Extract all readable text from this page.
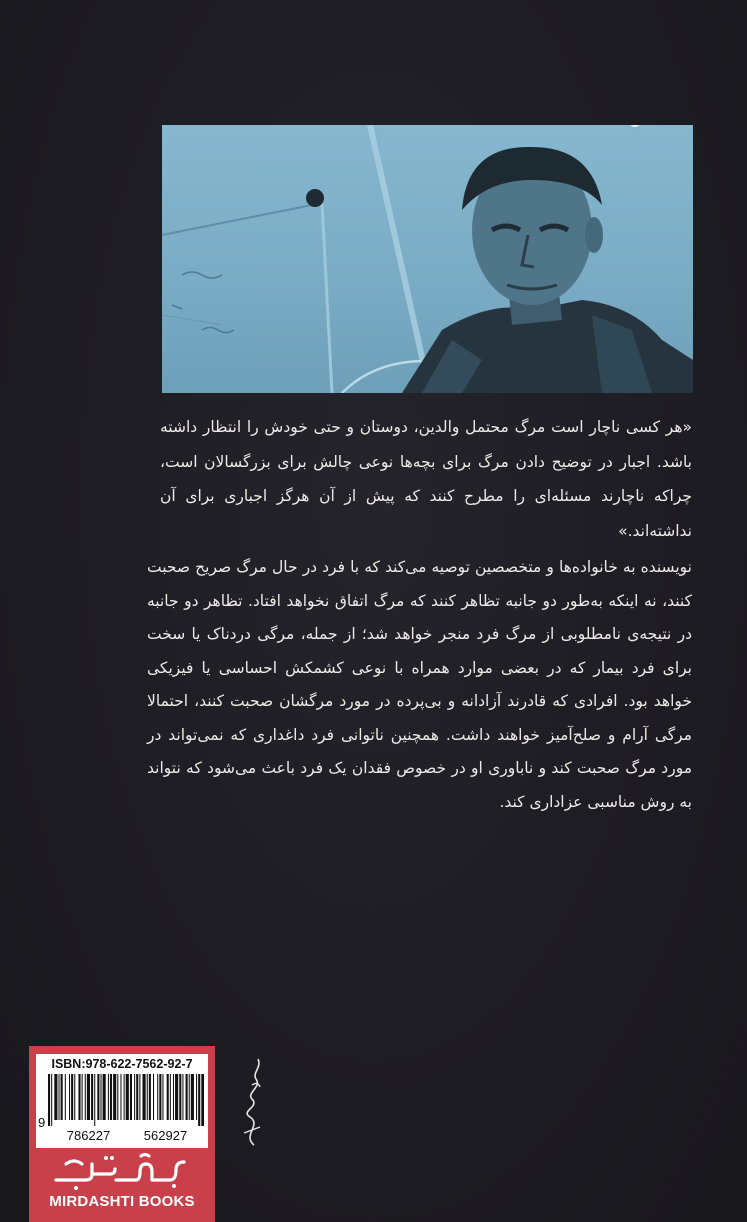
«هر کسی ناچار است مرگ محتمل والدین، دوستان و حتی خودش را انتظار داشته باشد. اجبار در توضیح دادن مرگ برای بچه‌ها نوعی چالش برای بزرگسالان است، چراکه ناچارند مسئله‌ای را مطرح کنند که پیش از آن هرگز اجباری برای آن نداشته‌اند.»
نویسنده به خانواده‌ها و متخصصین توصیه می‌کند که با فرد در حال مرگ صریح صحبت کنند، نه اینکه به‌طور دو جانبه تظاهر کنند که مرگ اتفاق نخواهد افتاد. تظاهر دو جانبه در نتیجه‌ی نامطلوبی از مرگ فرد منجر خواهد شد؛ از جمله، مرگی دردناک یا سخت برای فرد بیمار که در بعضی موارد همراه با نوعی کشمکش احساسی یا فیزیکی خواهد بود. افرادی که قادرند آزادانه و بی‌پرده در مورد مرگشان صحبت کنند، احتمالا مرگی آرام و صلح‌آمیز خواهند داشت. همچنین ناتوانی فرد داغداری که نمی‌تواند در مورد مرگ صحبت کند و ناباوری او در خصوص فقدان یک فرد باعث می‌شود که نتواند به روش مناسبی عزاداری کند.
ISBN:978-622-7562-92-7
9
786227	562927
MIRDASHTI BOOKS
